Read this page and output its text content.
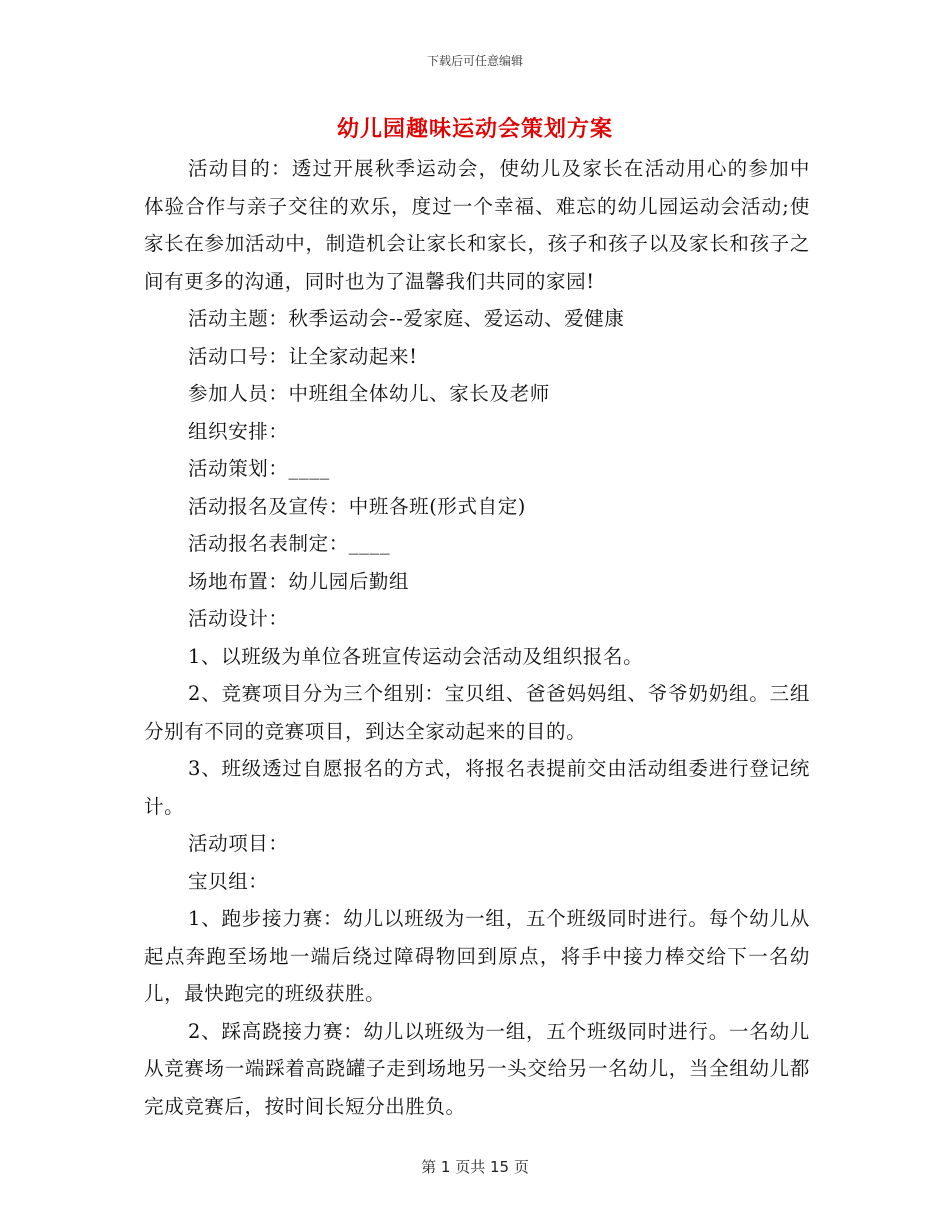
下载后可任意编辑
幼儿园趣味运动会策划方案

活动目的：透过开展秋季运动会，使幼儿及家长在活动用心的参加中体验合作与亲子交往的欢乐，度过一个幸福、难忘的幼儿园运动会活动;使家长在参加活动中，制造机会让家长和家长，孩子和孩子以及家长和孩子之间有更多的沟通，同时也为了温馨我们共同的家园!

活动主题：秋季运动会--爱家庭、爱运动、爱健康

活动口号：让全家动起来!

参加人员：中班组全体幼儿、家长及老师

组织安排：

活动策划：____

活动报名及宣传：中班各班(形式自定)

活动报名表制定：____

场地布置：幼儿园后勤组

活动设计：

1、以班级为单位各班宣传运动会活动及组织报名。

2、竞赛项目分为三个组别：宝贝组、爸爸妈妈组、爷爷奶奶组。三组分别有不同的竞赛项目，到达全家动起来的目的。

3、班级透过自愿报名的方式，将报名表提前交由活动组委进行登记统计。

活动项目：

宝贝组：

1、跑步接力赛：幼儿以班级为一组，五个班级同时进行。每个幼儿从起点奔跑至场地一端后绕过障碍物回到原点，将手中接力棒交给下一名幼儿，最快跑完的班级获胜。

2、踩高跷接力赛：幼儿以班级为一组，五个班级同时进行。一名幼儿从竞赛场一端踩着高跷罐子走到场地另一头交给另一名幼儿，当全组幼儿都完成竞赛后，按时间长短分出胜负。

第 1 页共 15 页
